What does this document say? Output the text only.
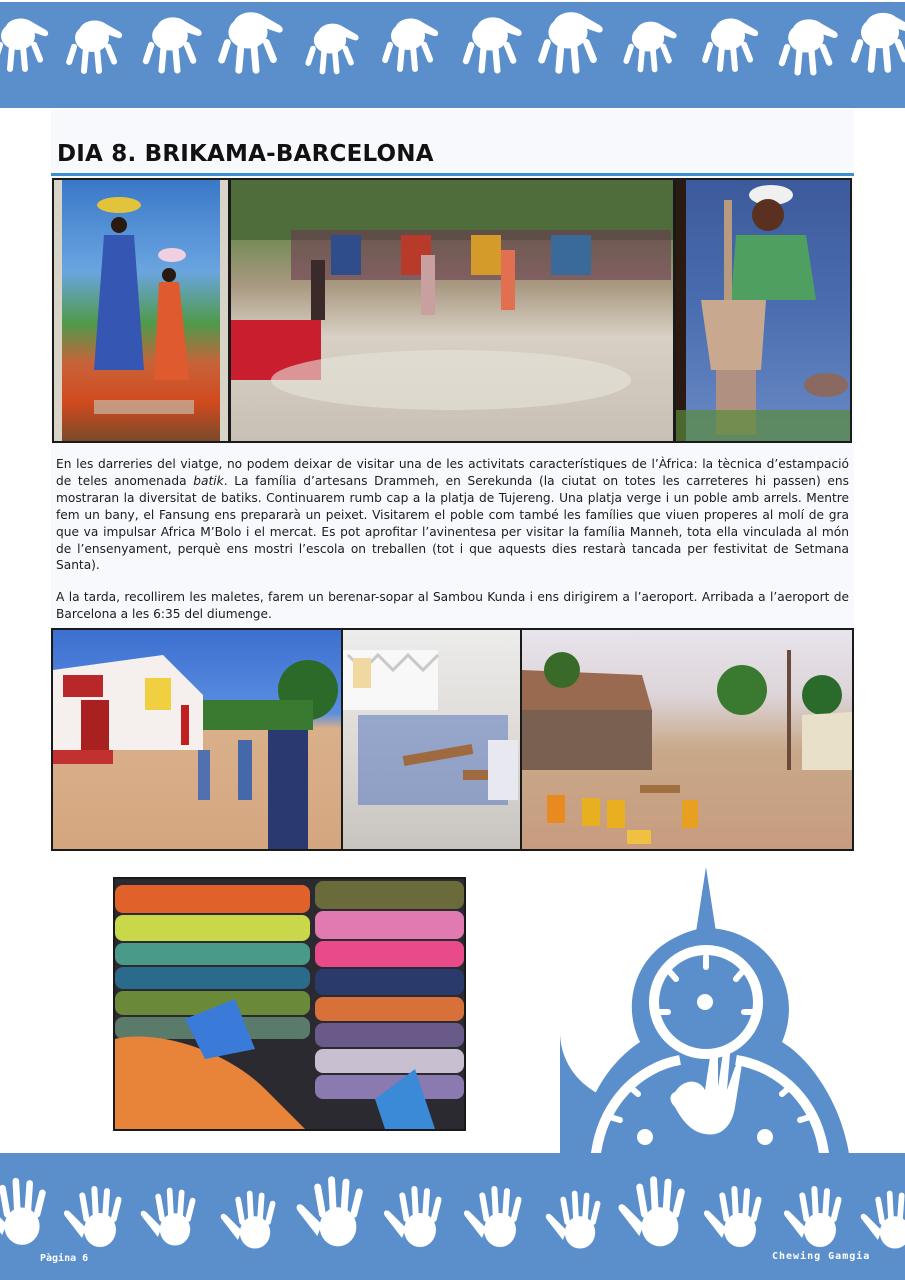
DIA 8. BRIKAMA-BARCELONA

En les darreries del viatge, no podem deixar de visitar una de les activitats característiques de l’Àfrica: la tècnica d’estampació de teles anomenada batik. La família d’artesans Drammeh, en Serekunda (la ciutat on totes les carreteres hi passen) ens mostraran la diversitat de batiks. Continuarem rumb cap a la platja de Tujereng. Una platja verge i un poble amb arrels. Mentre fem un bany, el Fansung ens prepararà un peixet. Visitarem el poble com també les famílies que viuen properes al molí de gra que va impulsar Africa M’Bolo i el mercat. Es pot aprofitar l’avinentesa per visitar la família Manneh, tota ella vinculada al món de l’ensenyament, perquè ens mostri l’escola on treballen (tot i que aquests dies restarà tancada per festivitat de Setmana Santa).

A la tarda, recollirem les maletes, farem un berenar-sopar al Sambou Kunda i ens dirigirem a l’aeroport. Arribada a l’aeroport de Barcelona a les 6:35 del diumenge.

Pàgina 6	Chewing Gamgia
